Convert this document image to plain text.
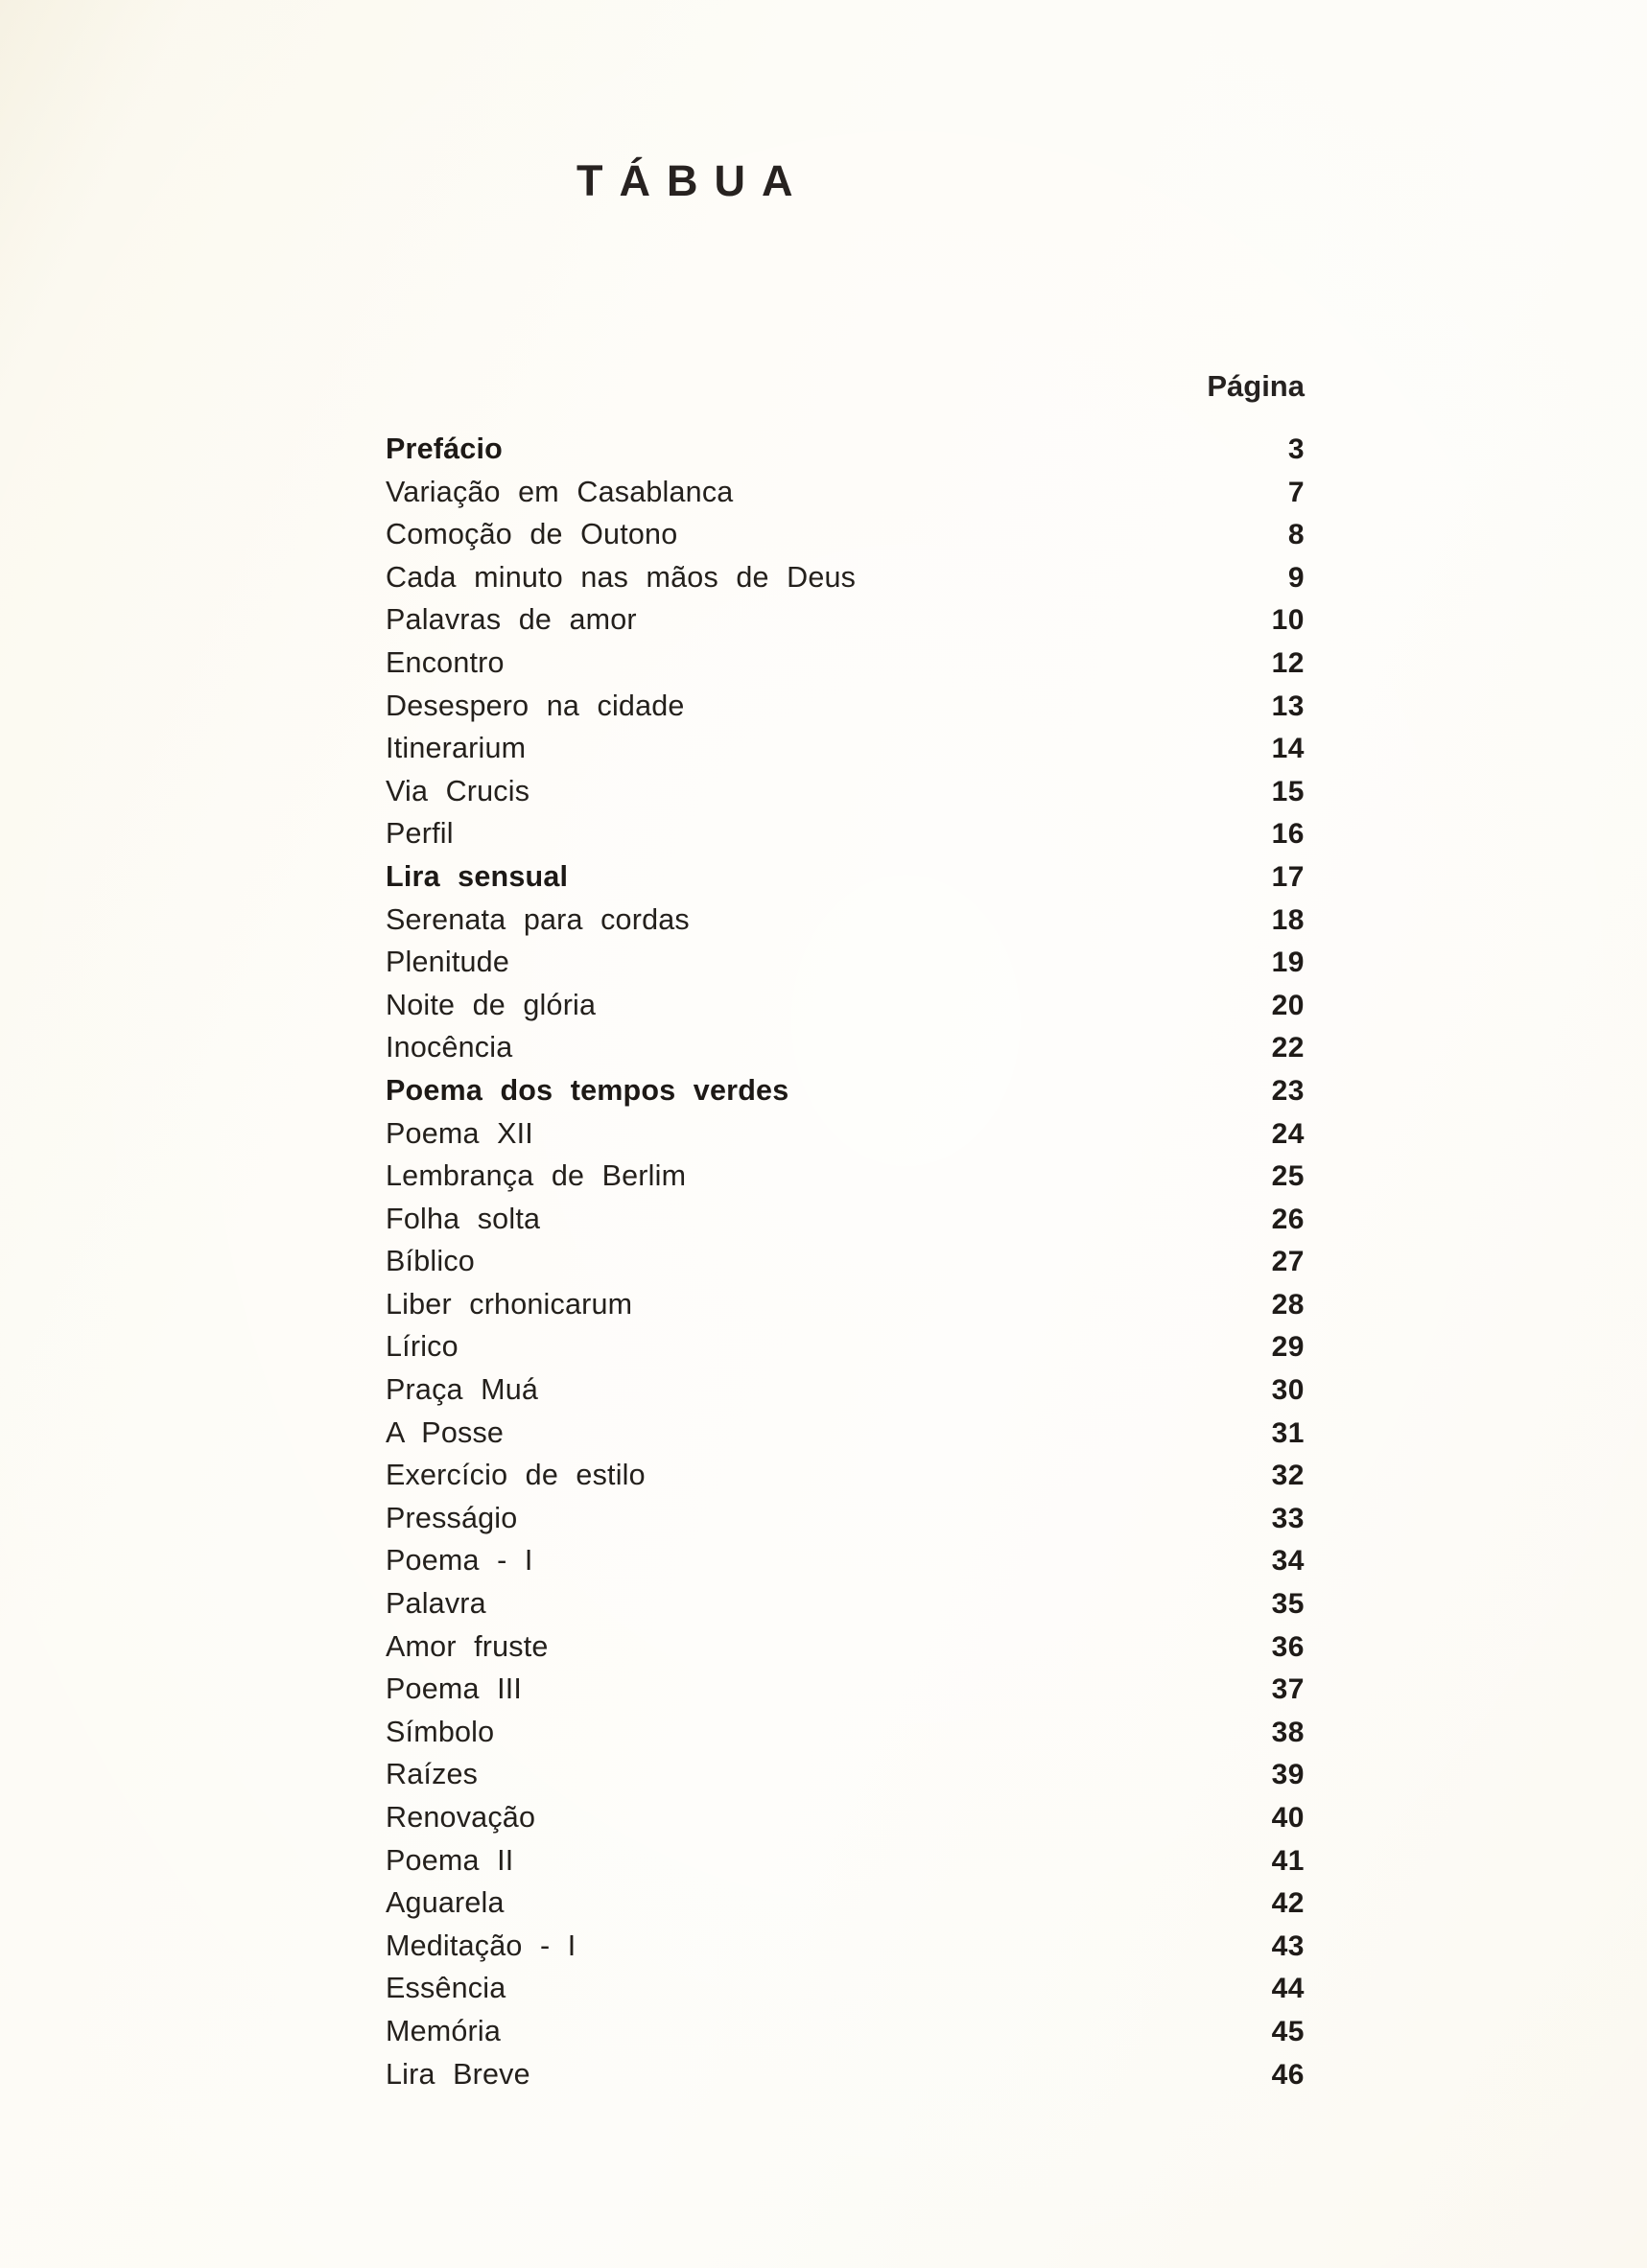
TÁBUA
Página
Prefácio	3
Variação em Casablanca	7
Comoção de Outono	8
Cada minuto nas mãos de Deus	9
Palavras de amor	10
Encontro	12
Desespero na cidade	13
Itinerarium	14
Via Crucis	15
Perfil	16
Lira sensual	17
Serenata para cordas	18
Plenitude	19
Noite de glória	20
Inocência	22
Poema dos tempos verdes	23
Poema XII	24
Lembrança de Berlim	25
Folha solta	26
Bíblico	27
Liber crhonicarum	28
Lírico	29
Praça Muá	30
A Posse	31
Exercício de estilo	32
Presságio	33
Poema - I	34
Palavra	35
Amor fruste	36
Poema III	37
Símbolo	38
Raízes	39
Renovação	40
Poema II	41
Aguarela	42
Meditação - I	43
Essência	44
Memória	45
Lira Breve	46
